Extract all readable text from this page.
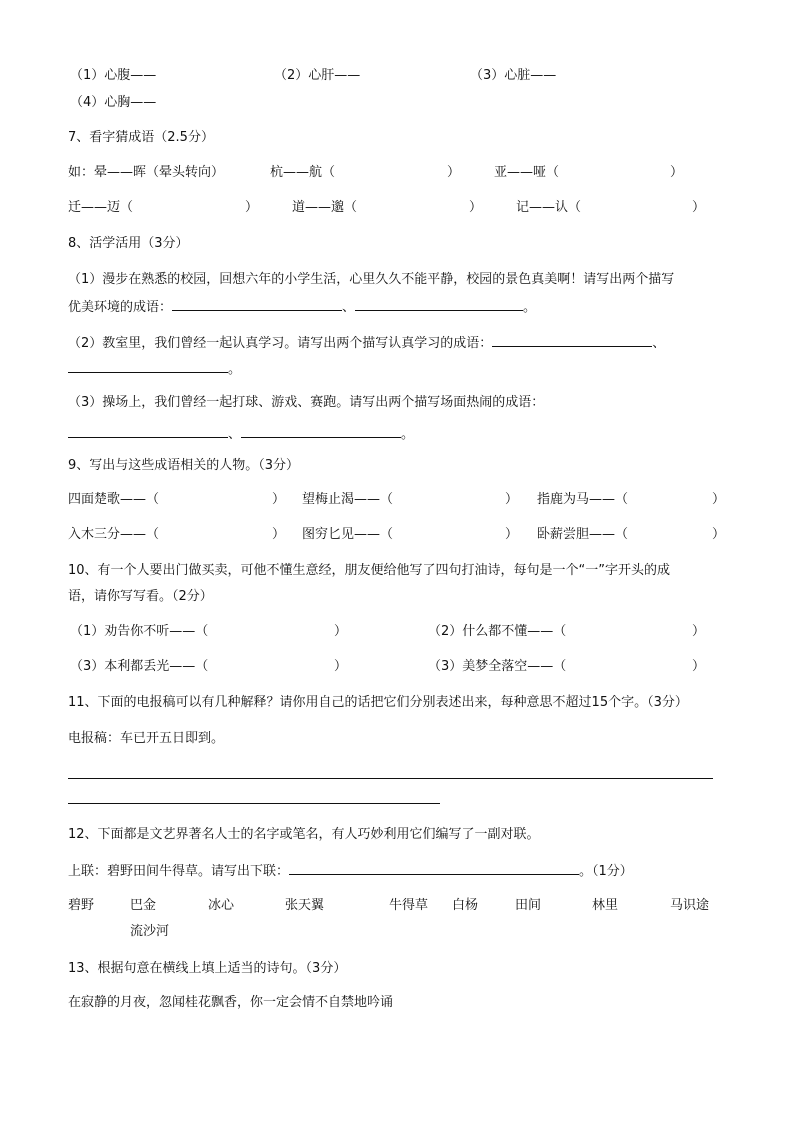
（1）心腹——	（2）心肝——	（3）心脏——
（4）心胸——
7、看字猜成语（2.5分）
如：晕——晖（晕头转向）	杭——航（	）	亚——哑（	）
迁——迈（	）	道——邈（	）	记——认（	）
8、活学活用（3分）
（1）漫步在熟悉的校园，回想六年的小学生活，心里久久不能平静，校园的景色真美啊！请写出两个描写
优美环境的成语：	、	。
（2）教室里，我们曾经一起认真学习。请写出两个描写认真学习的成语：	、
。
（3）操场上，我们曾经一起打球、游戏、赛跑。请写出两个描写场面热闹的成语：
、	。
9、写出与这些成语相关的人物。（3分）
四面楚歌——（	） 望梅止渴——（	） 指鹿为马——（	）
入木三分——（	） 图穷匕见——（	） 卧薪尝胆——（	）
10、有一个人要出门做买卖，可他不懂生意经，朋友便给他写了四句打油诗，每句是一个“一”字开头的成
语，请你写写看。（2分）
（1）劝告你不听——（	）	（2）什么都不懂——（	）
（3）本利都丢光——（	）	（3）美梦全落空——（	）
11、下面的电报稿可以有几种解释？请你用自己的话把它们分别表述出来，每种意思不超过15个字。（3分）
电报稿：车已开五日即到。
12、下面都是文艺界著名人士的名字或笔名，有人巧妙利用它们编写了一副对联。
上联：碧野田间牛得草。请写出下联：	。（1分）
碧野	巴金	冰心	张天翼	牛得草 白杨	田间	林里	马识途
流沙河
13、根据句意在横线上填上适当的诗句。（3分）
在寂静的月夜，忽闻桂花飘香，你一定会情不自禁地吟诵
